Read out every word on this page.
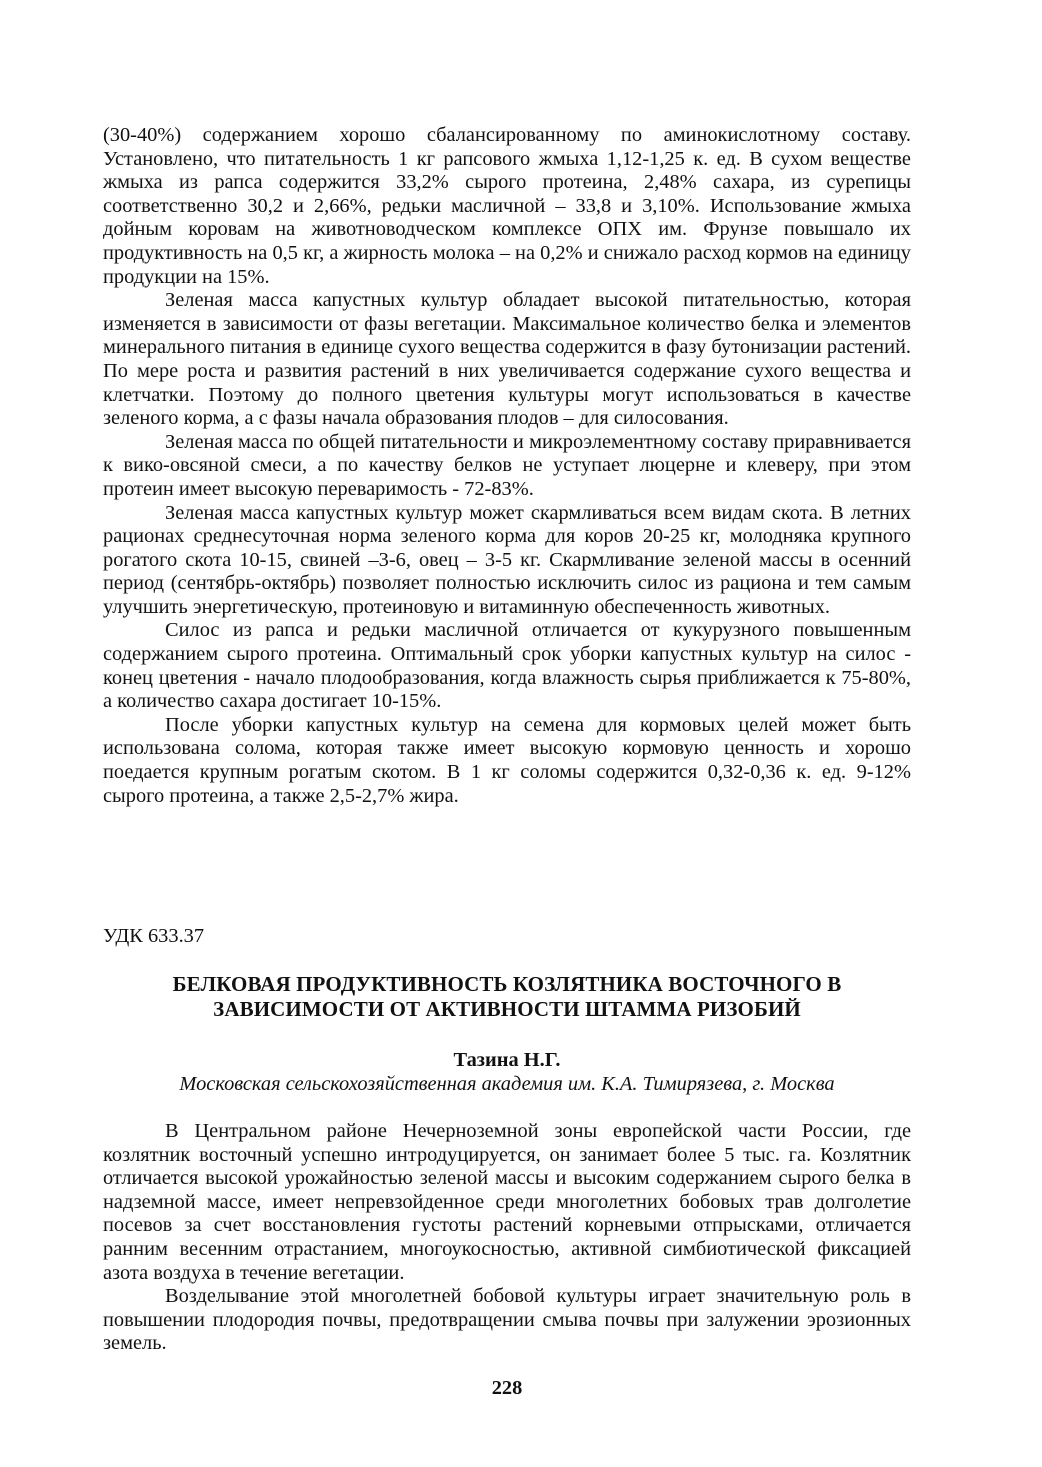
(30-40%) содержанием хорошо сбалансированному по аминокислотному составу. Установлено, что питательность 1 кг рапсового жмыха 1,12-1,25 к. ед. В сухом веществе жмыха из рапса содержится 33,2% сырого протеина, 2,48% сахара, из сурепицы соответственно 30,2 и 2,66%, редьки масличной – 33,8 и 3,10%. Использование жмыха дойным коровам на животноводческом комплексе ОПХ им. Фрунзе повышало их продуктивность на 0,5 кг, а жирность молока – на 0,2% и снижало расход кормов на единицу продукции на 15%.

Зеленая масса капустных культур обладает высокой питательностью, которая изменяется в зависимости от фазы вегетации. Максимальное количество белка и элементов минерального питания в единице сухого вещества содержится в фазу бутонизации растений. По мере роста и развития растений в них увеличивается содержание сухого вещества и клетчатки. Поэтому до полного цветения культуры могут использоваться в качестве зеленого корма, а с фазы начала образования плодов – для силосования.

Зеленая масса по общей питательности и микроэлементному составу приравнивается к вико-овсяной смеси, а по качеству белков не уступает люцерне и клеверу, при этом протеин имеет высокую переваримость - 72-83%.

Зеленая масса капустных культур может скармливаться всем видам скота. В летних рационах среднесуточная норма зеленого корма для коров 20-25 кг, молодняка крупного рогатого скота 10-15, свиней –3-6, овец – 3-5 кг. Скармливание зеленой массы в осенний период (сентябрь-октябрь) позволяет полностью исключить силос из рациона и тем самым улучшить энергетическую, протеиновую и витаминную обеспеченность животных.

Силос из рапса и редьки масличной отличается от кукурузного повышенным содержанием сырого протеина. Оптимальный срок уборки капустных культур на силос - конец цветения - начало плодообразования, когда влажность сырья приближается к 75-80%, а количество сахара достигает 10-15%.

После уборки капустных культур на семена для кормовых целей может быть использована солома, которая также имеет высокую кормовую ценность и хорошо поедается крупным рогатым скотом. В 1 кг соломы содержится 0,32-0,36 к. ед. 9-12% сырого протеина, а также 2,5-2,7% жира.

УДК 633.37
БЕЛКОВАЯ ПРОДУКТИВНОСТЬ КОЗЛЯТНИКА ВОСТОЧНОГО В ЗАВИСИМОСТИ ОТ АКТИВНОСТИ ШТАММА РИЗОБИЙ
Тазина Н.Г.
Московская сельскохозяйственная академия им. К.А. Тимирязева, г. Москва

В Центральном районе Нечерноземной зоны европейской части России, где козлятник восточный успешно интродуцируется, он занимает более 5 тыс. га. Козлятник отличается высокой урожайностью зеленой массы и высоким содержанием сырого белка в надземной массе, имеет непревзойденное среди многолетних бобовых трав долголетие посевов за счет восстановления густоты растений корневыми отпрысками, отличается ранним весенним отрастанием, многоукосностью, активной симбиотической фиксацией азота воздуха в течение вегетации.

Возделывание этой многолетней бобовой культуры играет значительную роль в повышении плодородия почвы, предотвращении смыва почвы при залужении эрозионных земель.

228
